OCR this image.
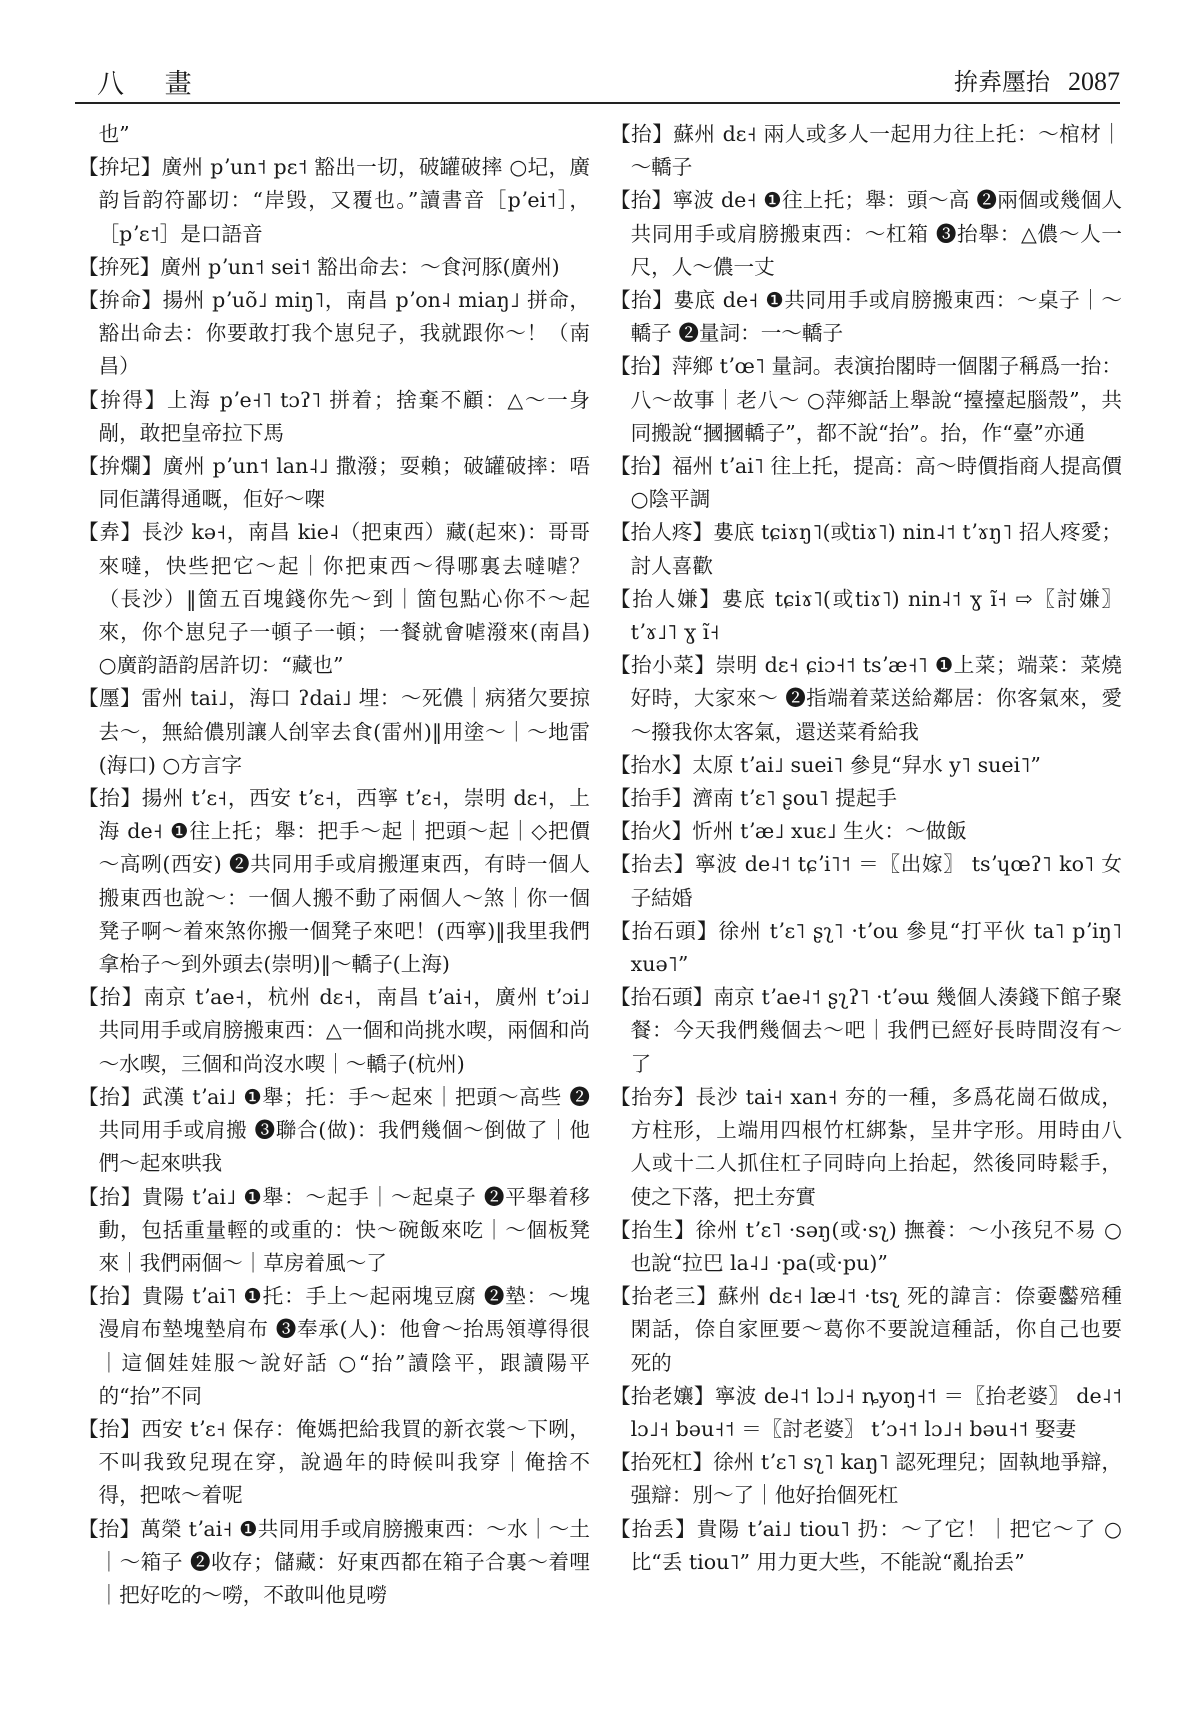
八 畫	拚弆㕓抬 2087

也”

【拚圮】廣州 pʼun˦ pɛ˦ 豁出一切，破罐破摔 ○圮，廣韵旨韵符鄙切：“岸毁，又覆也。”讀書音［pʼei˦］，［pʼɛ˦］是口語音

【拚死】廣州 pʼun˦ sei˦ 豁出命去：～食河豚(廣州)

【拚命】揚州 pʼuõ˩ miŋ˥，南昌 pʼon˨ miaŋ˩ 拼命，豁出命去：你要敢打我个崽兒子，我就跟你～！（南昌）

【拚得】上海 pʼe˧˥ tɔʔ˥ 拼着；捨棄不顧：△～一身剮，敢把皇帝拉下馬

【拚爛】廣州 pʼun˦ lan˨˩ 撒潑；耍賴；破罐破摔：唔同佢講得通嘅，佢好～㗎

【弆】長沙 kə˧，南昌 kie˨（把東西）藏(起來)：哥哥來噠，快些把它～起｜你把東西～得哪裏去噠㖸？（長沙）‖箇五百塊錢你先～到｜箇包點心你不～起來，你个崽兒子一頓子一頓；一餐就會㖸潑來(南昌) ○廣韵語韵居許切：“藏也”

【㕓】雷州 tai˩，海口 ʔdai˩ 埋：～死儂｜病猪欠要掠去～，無給儂別讓人刣宰去食(雷州)‖用塗～｜～地雷(海口) ○方言字

【抬】揚州 tʼɛ˧，西安 tʼɛ˧，西寧 tʼɛ˧，崇明 dɛ˧，上海 de˧ ❶往上托；舉：把手～起｜把頭～起｜◇把價～高咧(西安) ❷共同用手或肩搬運東西，有時一個人搬東西也說～：一個人搬不動了兩個人～煞｜你一個凳子啊～着來煞你搬一個凳子來吧！(西寧)‖我里我們拿枱子～到外頭去(崇明)‖～轎子(上海)

【抬】南京 tʼae˧，杭州 dɛ˧，南昌 tʼai˧，廣州 tʼɔi˩ 共同用手或肩膀搬東西：△一個和尚挑水喫，兩個和尚～水喫，三個和尚沒水喫｜～轎子(杭州)

【抬】武漢 tʼai˩ ❶舉；托：手～起來｜把頭～高些 ❷共同用手或肩搬 ❸聯合(做)：我們幾個～倒做了｜他們～起來哄我

【抬】貴陽 tʼai˩ ❶舉：～起手｜～起桌子 ❷平舉着移動，包括重量輕的或重的：快～碗飯來吃｜～個板凳來｜我們兩個～｜草房着風～了

【抬】貴陽 tʼai˥ ❶托：手上～起兩塊豆腐 ❷墊：～塊漫肩布墊塊墊肩布 ❸奉承(人)：他會～抬馬領導得很｜這個娃娃服～說好話 ○“抬”讀陰平，跟讀陽平的“抬”不同

【抬】西安 tʼɛ˧ 保存：俺媽把給我買的新衣裳～下咧，不叫我致兒現在穿，說過年的時候叫我穿｜俺捨不得，把哝～着呢

【抬】萬榮 tʼai˧ ❶共同用手或肩膀搬東西：～水｜～土｜～箱子 ❷收存；儲藏：好東西都在箱子合裏～着哩｜把好吃的～嘮，不敢叫他見嘮

【抬】蘇州 dɛ˧ 兩人或多人一起用力往上托：～棺材｜～轎子

【抬】寧波 de˧ ❶往上托；舉：頭～高 ❷兩個或幾個人共同用手或肩膀搬東西：～杠箱 ❸抬舉：△儂～人一尺，人～儂一丈

【抬】婁底 de˧ ❶共同用手或肩膀搬東西：～桌子｜～轎子 ❷量詞：一～轎子

【抬】萍鄉 tʼœ˥ 量詞。表演抬閣時一個閣子稱爲一抬：八～故事｜老八～ ○萍鄉話上舉說“擡擡起腦殼”，共同搬說“摑摑轎子”，都不說“抬”。抬，作“臺”亦通

【抬】福州 tʼai˥ 往上托，提高：高～時價指商人提高價 ○陰平調

【抬人疼】婁底 tɕiɤŋ˥(或tiɤ˥) nin˨˦ tʼɤŋ˥ 招人疼愛；討人喜歡

【抬人嫌】婁底 tɕiɤ˥(或tiɤ˥) nin˨˦ ɣ ĩ˧ ⇨〖討嫌〗 tʼɤ˩˥ ɣ ĩ˧

【抬小菜】崇明 dɛ˧ ɕiɔ˧˦ tsʼæ˧˥ ❶上菜；端菜：菜燒好時，大家來～ ❷指端着菜送給鄰居：你客氣來，愛～撥我你太客氣，還送菜肴給我

【抬水】太原 tʼai˩ suei˥ 參見“舁水 y˥ suei˥”

【抬手】濟南 tʼɛ˥ ʂou˥ 提起手

【抬火】忻州 tʼæ˩ xuɛ˩ 生火：～做飯

【抬去】寧波 de˨˦ tɕʼi˥˦ ＝〖出嫁〗 tsʼɥœʔ˥ ko˥ 女子結婚

【抬石頭】徐州 tʼɛ˥ ʂʅ˥ ·tʼou 參見“打平伙 ta˥ pʼiŋ˥ xuə˥”

【抬石頭】南京 tʼae˨˦ ʂʅʔ˥ ·tʼəɯ 幾個人湊錢下館子聚餐：今天我們幾個去～吧｜我們已經好長時間沒有～了

【抬夯】長沙 tai˧ xan˧ 夯的一種，多爲花崗石做成，方柱形，上端用四根竹杠綁紮，呈井字形。用時由八人或十二人抓住杠子同時向上抬起，然後同時鬆手，使之下落，把土夯實

【抬生】徐州 tʼɛ˥ ·səŋ(或·sʅ) 撫養：～小孩兒不易 ○也說“拉巴 la˨˩ ·pa(或·pu)”

【抬老三】蘇州 dɛ˧ læ˨˦ ·tsʅ 死的諱言：倷嫑齾殕種閑話，倷自家匣要～葛你不要說這種話，你自己也要死的

【抬老孃】寧波 de˨˦ lɔ˩˧ ȵyoŋ˧˦ ＝〖抬老婆〗 de˨˦ lɔ˩˧ bəu˧˦ ＝〖討老婆〗 tʼɔ˧˦ lɔ˩˧ bəu˧˦ 娶妻

【抬死杠】徐州 tʼɛ˥ sʅ˥ kaŋ˥ 認死理兒；固執地爭辯，强辯：別～了｜他好抬個死杠

【抬丢】貴陽 tʼai˩ tiou˥ 扔：～了它！｜把它～了 ○比“丢 tiou˥” 用力更大些，不能說“亂抬丢”
